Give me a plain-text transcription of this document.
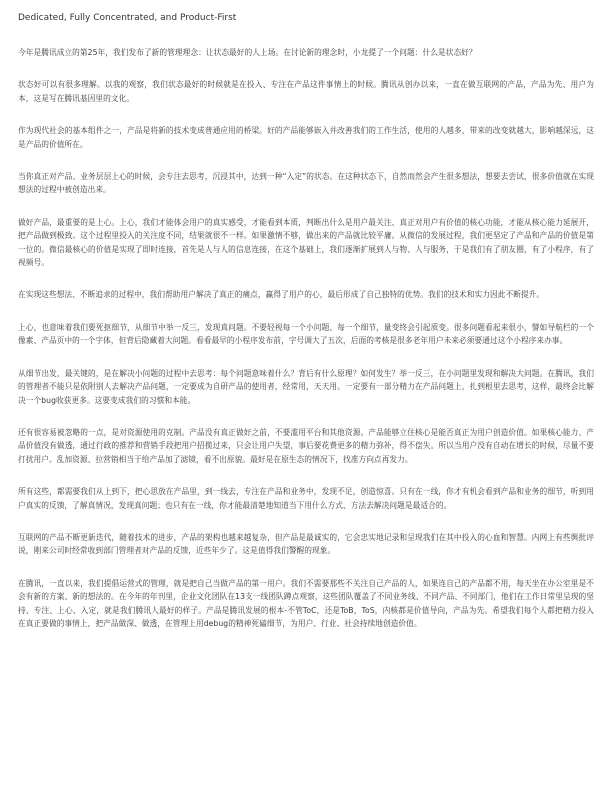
Dedicated, Fully Concentrated, and Product-First

今年是腾讯成立的第25年，我们发布了新的管理理念：让状态最好的人上场。在讨论新的理念时，小龙提了一个问题：什么是状态好？

状态好可以有很多理解。以我的观察，我们状态最好的时候就是在投入、专注在产品这件事情上的时候。腾讯从创办以来，一直在做互联网的产品，产品为先、用户为本，这是写在腾讯基因里的文化。

作为现代社会的基本组件之一，产品是将新的技术变成普通应用的桥梁。好的产品能够嵌入并改善我们的工作生活，使用的人越多，带来的改变就越大，影响越深远，这是产品的价值所在。

当你真正对产品、业务层层上心的时候，会专注去思考，沉浸其中，达到一种“入定”的状态。在这种状态下，自然而然会产生很多想法，想要去尝试，很多价值就在实现想法的过程中被创造出来。

做好产品，最重要的是上心。上心，我们才能体会用户的真实感受，才能看到本质，判断出什么是用户最关注、真正对用户有价值的核心功能，才能从核心能力延展开，把产品做到极致。这个过程里投入的关注度不同，结果就很不一样。如果激情不够，做出来的产品就比较平庸。从微信的发展过程，我们更坚定了产品和产品的价值是第一位的。微信最核心的价值是实现了即时连接，首先是人与人的信息连接，在这个基础上，我们逐渐扩展到人与物、人与服务，于是我们有了朋友圈，有了小程序，有了视频号。

在实现这些想法、不断追求的过程中，我们帮助用户解决了真正的痛点，赢得了用户的心，最后形成了自己独特的优势。我们的技术和实力因此不断提升。

上心，也意味着我们要死抠细节，从细节中举一反三，发现真问题。不要轻视每一个小问题、每一个细节，量变终会引起质变。很多问题看起来很小，譬如导航栏的一个像素、产品页中的一个字体，但背后隐藏着大问题。看看最早的小程序发布前，字号调大了五次，后面的考核是很多老年用户未来必须要通过这个小程序来办事。

从细节出发，最关键的，是在解决小问题的过程中去思考：每个问题意味着什么？背后有什么原理？如何发生？举一反三，在小问题里发现和解决大问题。在腾讯，我们的管理者不能只是依附别人去解决产品问题，一定要成为自研产品的使用者，经常用，天天用。一定要有一部分精力在产品问题上，扎到根里去思考，这样，最终会比解决一个bug收获更多。这要变成我们的习惯和本能。

还有很容易被忽略的一点，是对资源使用的克制。产品没有真正做好之前，不要滥用平台和其他资源。产品能够立住核心是能否真正为用户创造价值。如果核心能力、产品价值没有做透，通过行政的推荐和营销手段把用户招揽过来，只会让用户失望，事后要花费更多的精力弥补，得不偿失。所以当用户没有自动在增长的时候，尽量不要打扰用户。乱加资源、拉营销相当于给产品加了滤镜，看不出原貌。最好是在原生态的情况下，找准方向点再发力。

所有这些，都需要我们从上到下，把心思放在产品里，到一线去，专注在产品和业务中，发现不足，创造惊喜。只有在一线，你才有机会看到产品和业务的细节，听到用户真实的反馈，了解真情况，发现真问题；也只有在一线，你才能最清楚地知道当下用什么方式、方法去解决问题是最适合的。

互联网的产品不断更新迭代，随着技术的进步，产品的架构也越来越复杂，但产品是最诚实的，它会忠实地记录和呈现我们在其中投入的心血和智慧。内网上有些舆批评说，刚来公司时经常收到部门管理者对产品的反馈，近些年少了。这是值得我们警醒的现象。

在腾讯，一直以来，我们提倡运营式的管理，就是把自己当做产品的第一用户。我们不需要那些不关注自己产品的人，如果连自己的产品都不用，每天坐在办公室里是不会有新的方案、新的想法的。在今年的年刊里，企业文化团队在13支一线团队蹲点观察，这些团队覆盖了不同业务线、不同产品、不同部门，他们在工作日常里呈现的坚持、专注、上心、入定，就是我们腾讯人最好的样子。产品是腾讯发展的根本-不管ToC，还是ToB，ToS，内核都是价值导向，产品为先。希望我们每个人都把精力投入在真正要做的事情上，把产品做深、做透，在管理上用debug的精神死磕细节，为用户、行业、社会持续地创造价值。
